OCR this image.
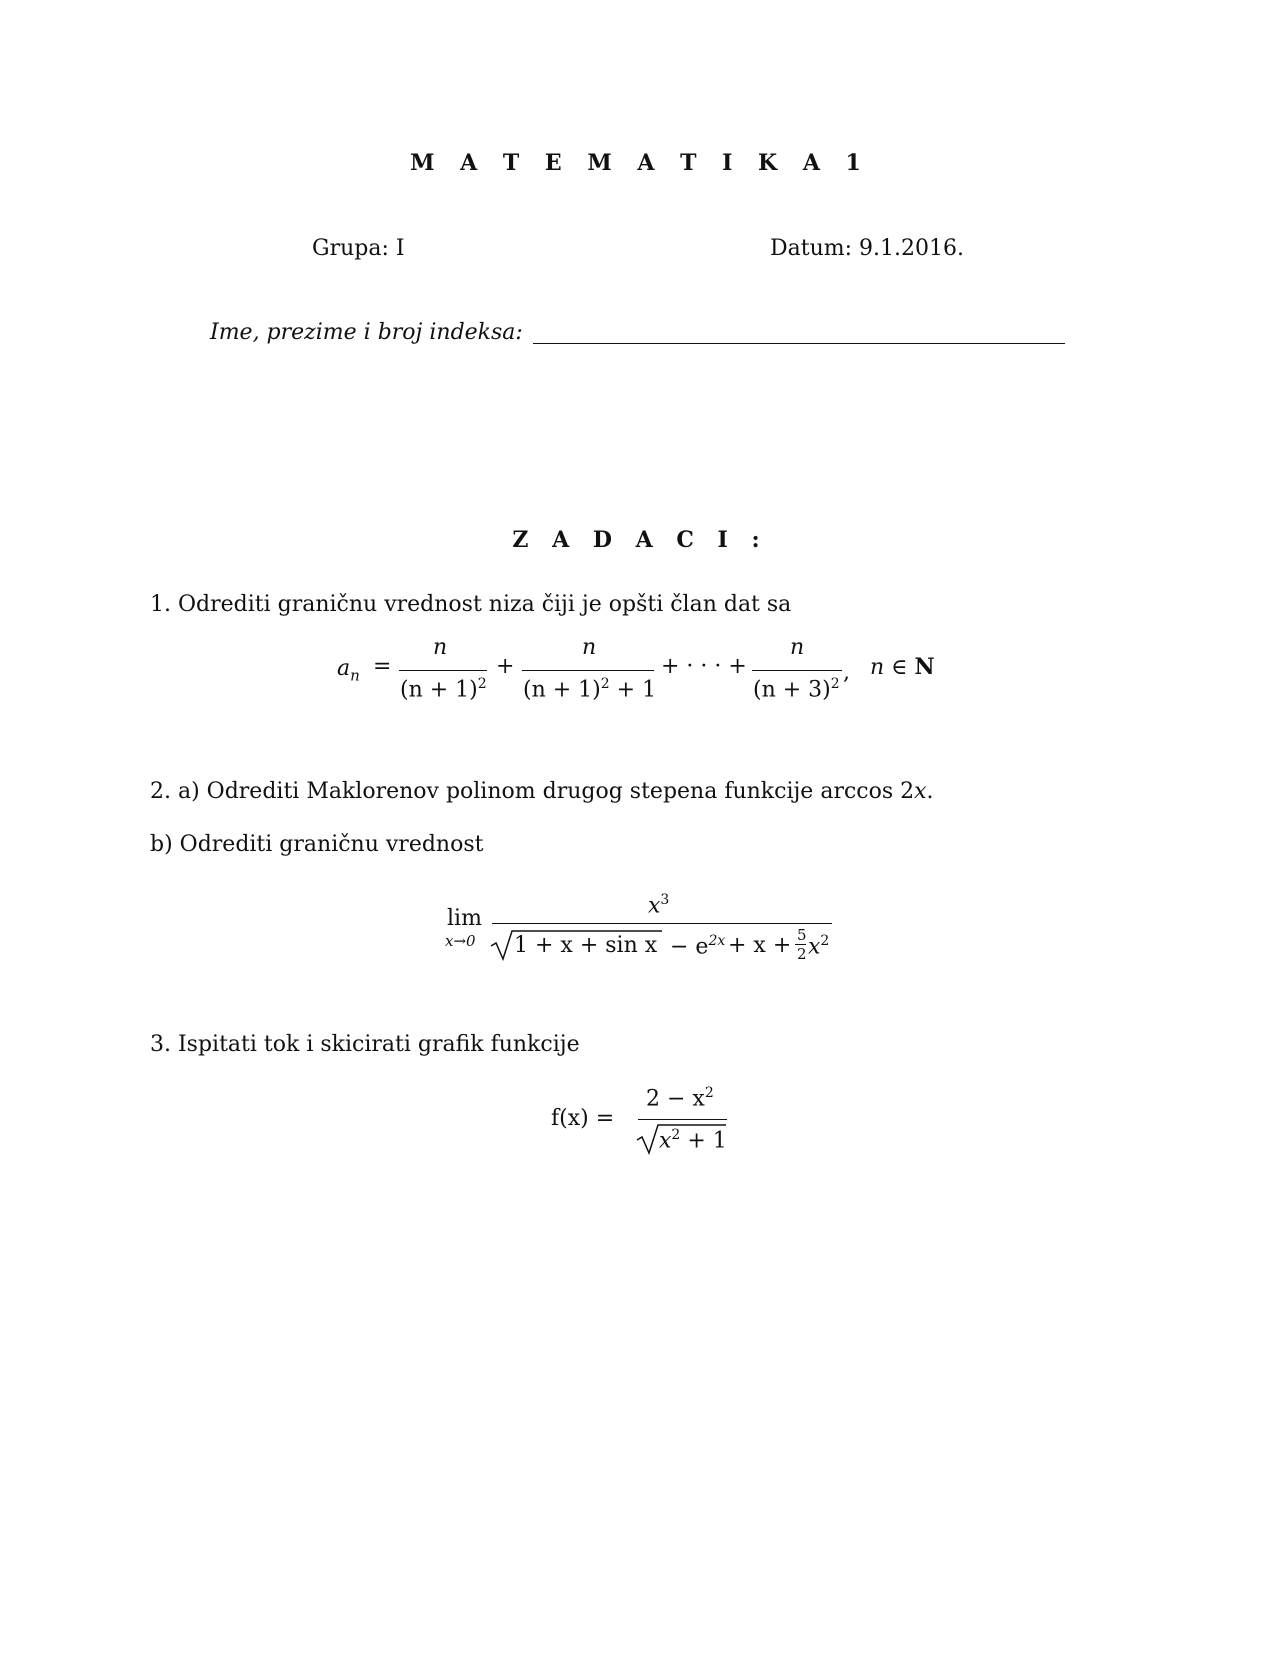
M A T E M A T I K A 1
Grupa: I	Datum: 9.1.2016.
Ime, prezime i broj indeksa:
Z A D A C I :
1. Odrediti graničnu vrednost niza čiji je opšti član dat sa
$a_n$ =
n
$(n + 1)^2$
+
n
$(n + 1)^2 + 1$
+ · · · +
n
$(n + 3)^2$ , n ∈ N
2. a) Odrediti Maklorenov polinom drugog stepena funkcije arccos 2x.
b) Odrediti graničnu vrednost
lim
x→0
$x^3$
$1 + x + \sin x - e^{2x} + x + 5$
2 $x^2$
3. Ispitati tok i skicirati grafik funkcije
f(x) =
$2 - x^2$
$x^2 + 1$
